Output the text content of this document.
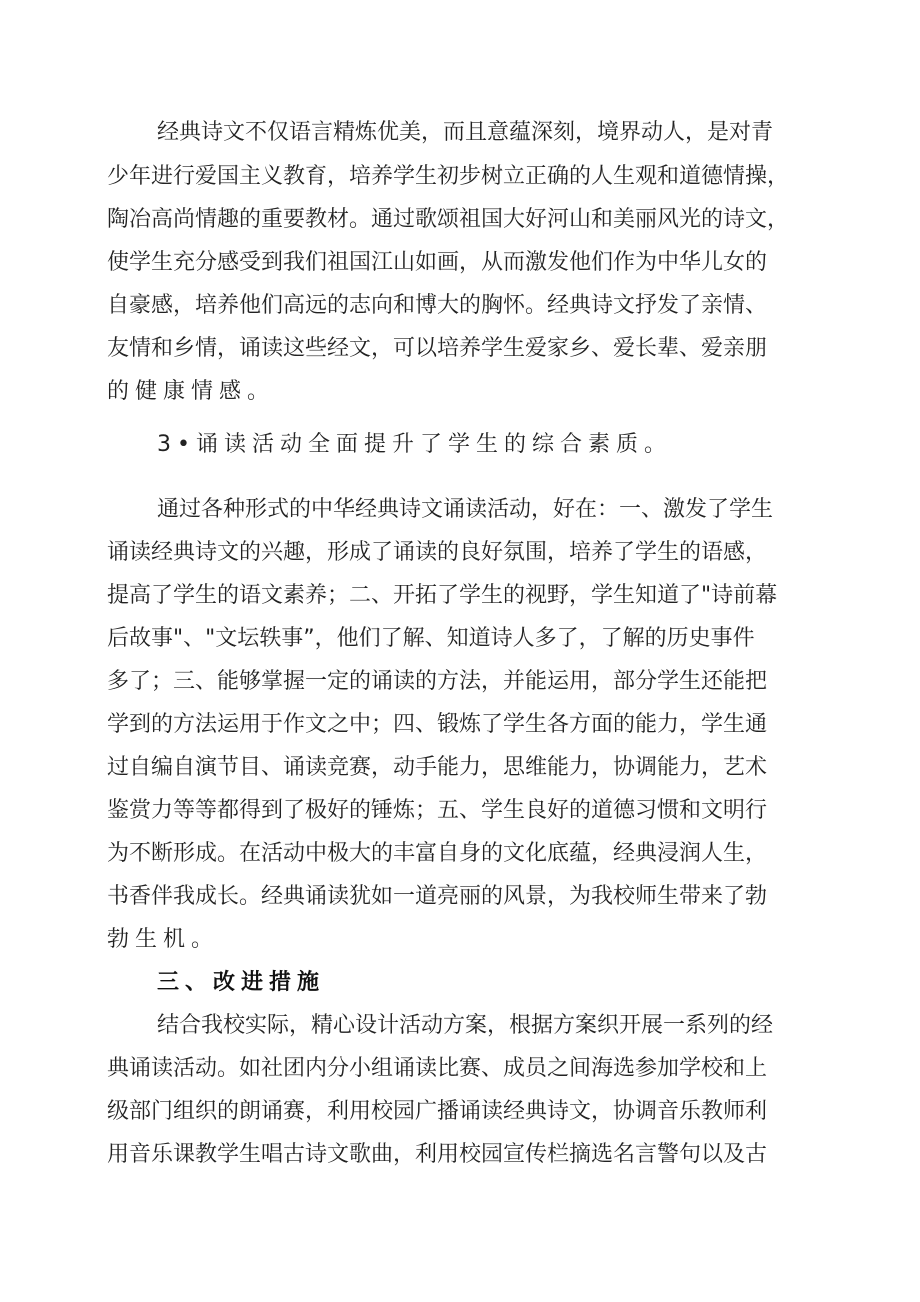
经典诗文不仅语言精炼优美，而且意蕴深刻，境界动人，是对青
少年进行爱国主义教育，培养学生初步树立正确的人生观和道德情操，
陶冶高尚情趣的重要教材。通过歌颂祖国大好河山和美丽风光的诗文，
使学生充分感受到我们祖国江山如画，从而激发他们作为中华儿女的
自豪感，培养他们高远的志向和博大的胸怀。经典诗文抒发了亲情、
友情和乡情，诵读这些经文，可以培养学生爱家乡、爱长辈、爱亲朋
的健康情感。
3•诵读活动全面提升了学生的综合素质。
通过各种形式的中华经典诗文诵读活动，好在：一、激发了学生
诵读经典诗文的兴趣，形成了诵读的良好氛围，培养了学生的语感，
提高了学生的语文素养；二、开拓了学生的视野，学生知道了"诗前幕
后故事"、"文坛轶事”，他们了解、知道诗人多了，了解的历史事件
多了；三、能够掌握一定的诵读的方法，并能运用，部分学生还能把
学到的方法运用于作文之中；四、锻炼了学生各方面的能力，学生通
过自编自演节目、诵读竞赛，动手能力，思维能力，协调能力，艺术
鉴赏力等等都得到了极好的锤炼；五、学生良好的道德习惯和文明行
为不断形成。在活动中极大的丰富自身的文化底蕴，经典浸润人生，
书香伴我成长。经典诵读犹如一道亮丽的风景，为我校师生带来了勃
勃生机。
三、改进措施
结合我校实际，精心设计活动方案，根据方案织开展一系列的经
典诵读活动。如社团内分小组诵读比赛、成员之间海选参加学校和上
级部门组织的朗诵赛，利用校园广播诵读经典诗文，协调音乐教师利
用音乐课教学生唱古诗文歌曲，利用校园宣传栏摘选名言警句以及古
